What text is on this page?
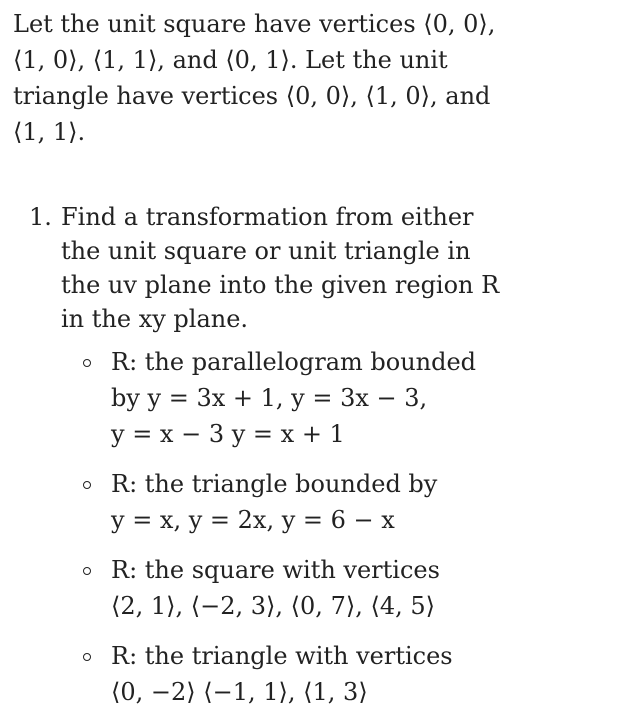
Let the unit square have vertices ⟨0, 0⟩,
⟨1, 0⟩, ⟨1, 1⟩, and ⟨0, 1⟩. Let the unit
triangle have vertices ⟨0, 0⟩, ⟨1, 0⟩, and
⟨1, 1⟩.

1. Find a transformation from either
the unit square or unit triangle in
the uv plane into the given region R
in the xy plane.
R: the parallelogram bounded
by y = 3x + 1, y = 3x − 3,
y = x − 3 y = x + 1
R: the triangle bounded by
y = x, y = 2x, y = 6 − x
R: the square with vertices
⟨2, 1⟩, ⟨−2, 3⟩, ⟨0, 7⟩, ⟨4, 5⟩
R: the triangle with vertices
⟨0, −2⟩ ⟨−1, 1⟩, ⟨1, 3⟩
